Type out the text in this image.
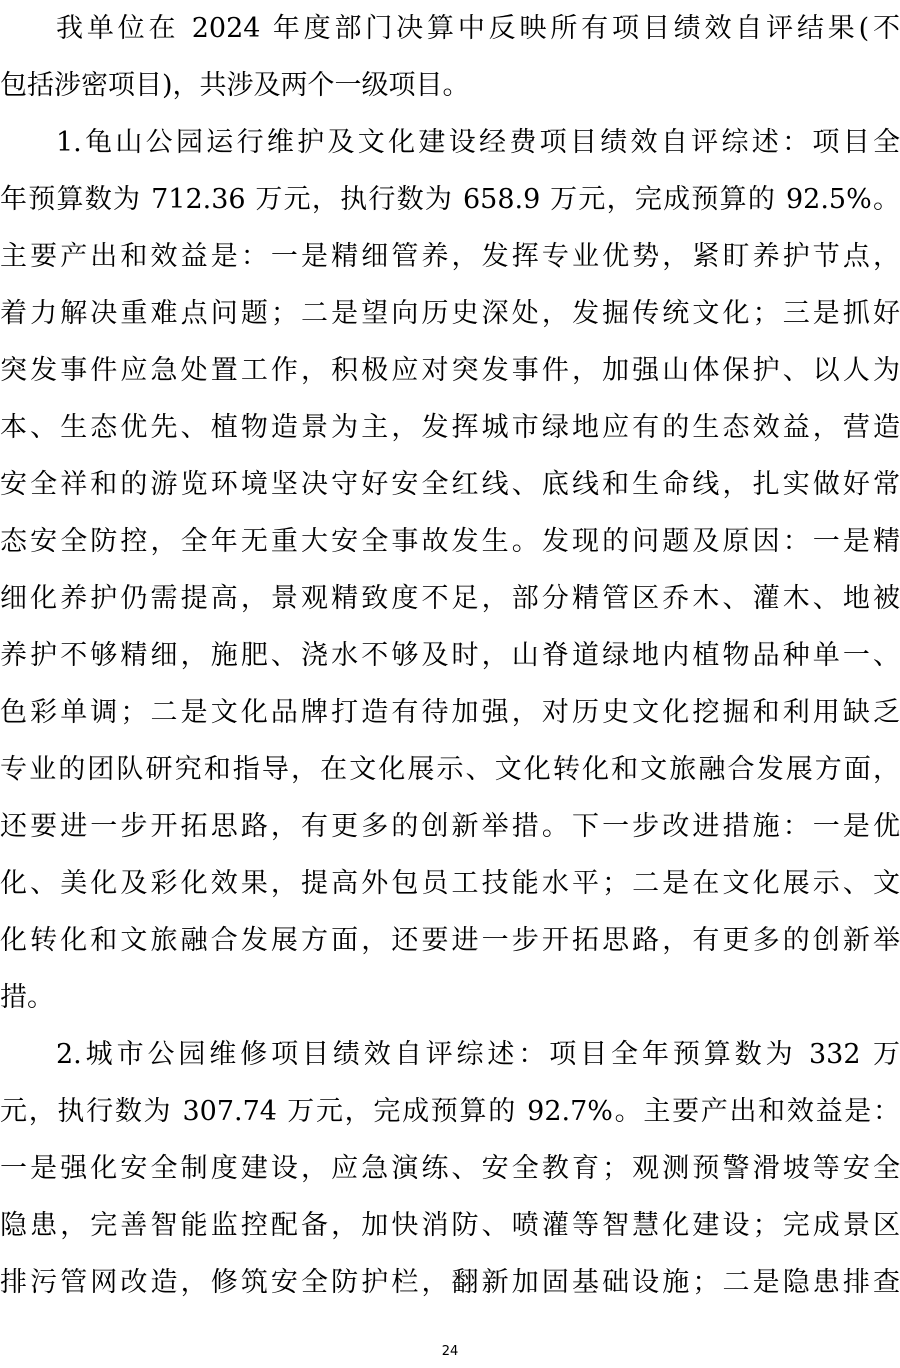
我单位在 2024 年度部门决算中反映所有项目绩效自评结果(不
包括涉密项目)，共涉及两个一级项目。
1.龟山公园运行维护及文化建设经费项目绩效自评综述：项目全
年预算数为 712.36 万元，执行数为 658.9 万元，完成预算的 92.5%。
主要产出和效益是：一是精细管养，发挥专业优势，紧盯养护节点，
着力解决重难点问题；二是望向历史深处，发掘传统文化；三是抓好
突发事件应急处置工作，积极应对突发事件，加强山体保护、以人为
本、生态优先、植物造景为主，发挥城市绿地应有的生态效益，营造
安全祥和的游览环境坚决守好安全红线、底线和生命线，扎实做好常
态安全防控，全年无重大安全事故发生。发现的问题及原因：一是精
细化养护仍需提高，景观精致度不足，部分精管区乔木、灌木、地被
养护不够精细，施肥、浇水不够及时，山脊道绿地内植物品种单一、
色彩单调；二是文化品牌打造有待加强，对历史文化挖掘和利用缺乏
专业的团队研究和指导，在文化展示、文化转化和文旅融合发展方面，
还要进一步开拓思路，有更多的创新举措。下一步改进措施：一是优
化、美化及彩化效果，提高外包员工技能水平；二是在文化展示、文
化转化和文旅融合发展方面，还要进一步开拓思路，有更多的创新举
措。
2.城市公园维修项目绩效自评综述：项目全年预算数为 332 万
元，执行数为 307.74 万元，完成预算的 92.7%。主要产出和效益是：
一是强化安全制度建设，应急演练、安全教育；观测预警滑坡等安全
隐患，完善智能监控配备，加快消防、喷灌等智慧化建设；完成景区
排污管网改造，修筑安全防护栏，翻新加固基础设施；二是隐患排查
24
